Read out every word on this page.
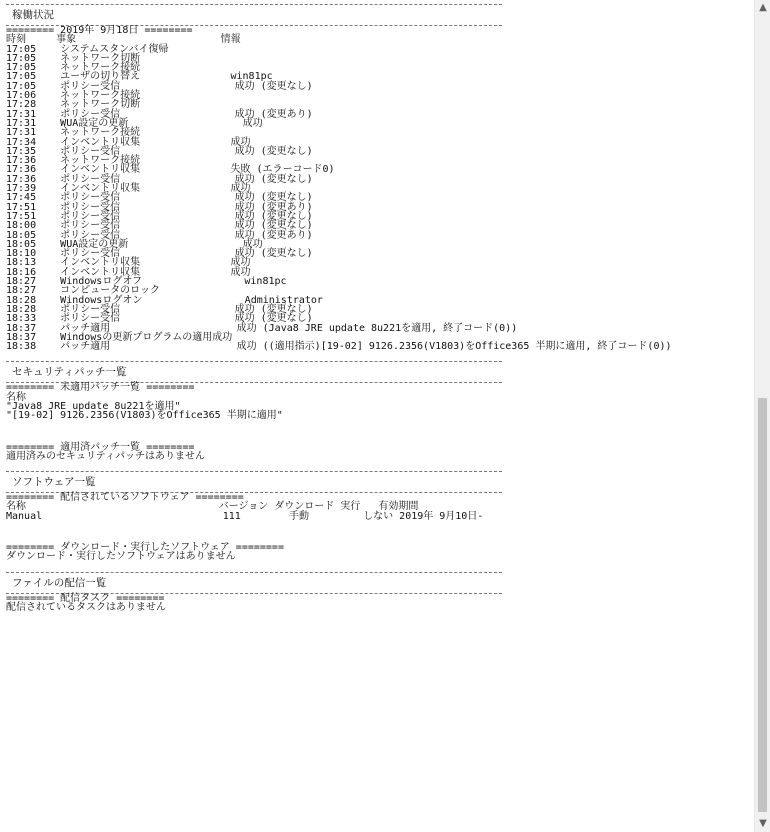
稼働状況
======== 2019年 9月18日 ========
時刻     事象                        情報
17:05    システムスタンバイ復帰
17:05    ネットワーク切断
17:05    ネットワーク接続
17:05    ユーザの切り替え               win81pc
17:05    ポリシー受信                   成功 (変更なし)
17:06    ネットワーク接続
17:28    ネットワーク切断
17:31    ポリシー受信                   成功 (変更あり)
17:31    WUA設定の更新                   成功
17:31    ネットワーク接続
17:34    インベントリ収集               成功
17:35    ポリシー受信                   成功 (変更なし)
17:36    ネットワーク接続
17:36    インベントリ収集               失敗 (エラーコード0)
17:36    ポリシー受信                   成功 (変更なし)
17:39    インベントリ収集               成功
17:45    ポリシー受信                   成功 (変更なし)
17:51    ポリシー受信                   成功 (変更あり)
17:51    ポリシー受信                   成功 (変更なし)
18:00    ポリシー受信                   成功 (変更なし)
18:05    ポリシー受信                   成功 (変更あり)
18:05    WUA設定の更新                   成功
18:10    ポリシー受信                   成功 (変更なし)
18:13    インベントリ収集               成功
18:16    インベントリ収集               成功
18:27    Windowsログオフ                 win81pc
18:27    コンピュータのロック
18:28    Windowsログオン                 Administrator
18:28    ポリシー受信                   成功 (変更なし)
18:33    ポリシー受信                   成功 (変更なし)
18:37    パッチ適用                     成功 (Java8 JRE update 8u221を適用, 終了コード(0))
18:37    Windowsの更新プログラムの適用成功
18:38    パッチ適用                     成功 ((適用指示)[19-02] 9126.2356(V1803)をOffice365 半期に適用, 終了コード(0))
セキュリティパッチ一覧
======== 未適用パッチ一覧 ========
名称
"Java8 JRE update 8u221を適用"
"[19-02] 9126.2356(V1803)をOffice365 半期に適用"
======== 適用済パッチ一覧 ========
適用済みのセキュリティパッチはありません
ソフトウェア一覧
======== 配信されているソフトウェア ========
名称                                バージョン ダウンロード 実行   有効期間
Manual                              111        手動         しない 2019年 9月10日-
======== ダウンロード・実行したソフトウェア ========
ダウンロード・実行したソフトウェアはありません
ファイルの配信一覧
======== 配信タスク ========
配信されているタスクはありません
▲
▼
